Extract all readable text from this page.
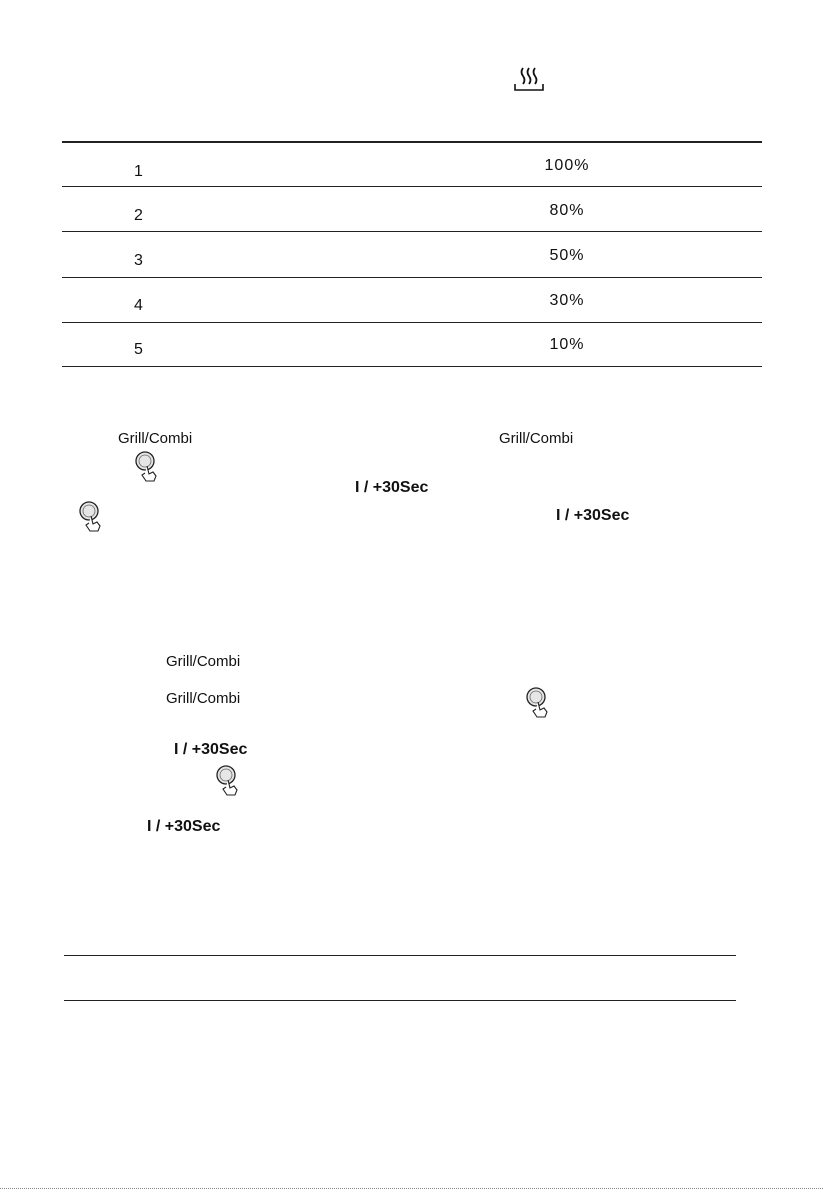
1	100%
2	80%
3	50%
4	30%
5	10%
Grill/Combi	Grill/Combi
I / +30Sec
I / +30Sec
Grill/Combi
Grill/Combi
I / +30Sec
I / +30Sec
